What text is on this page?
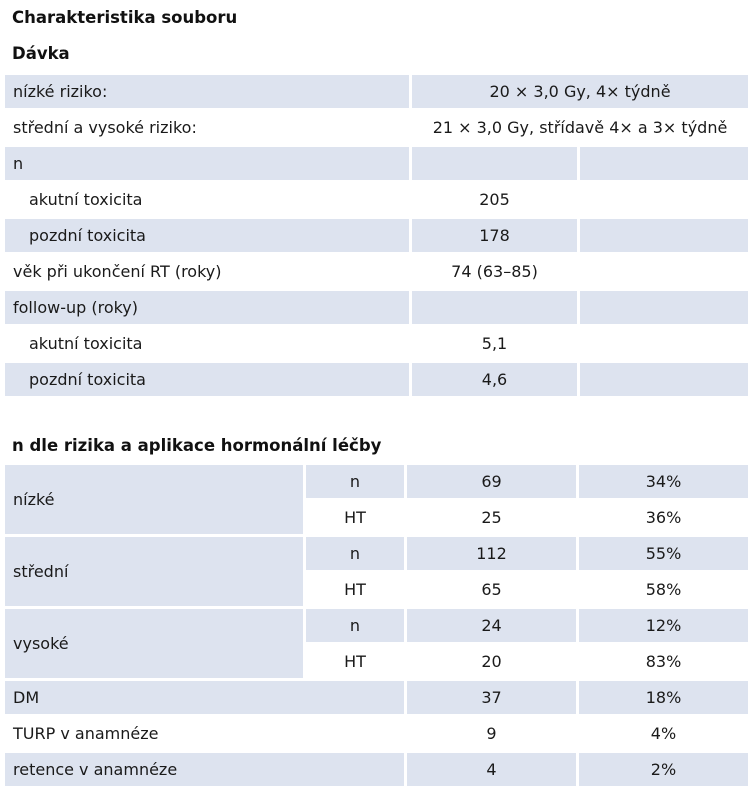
Charakteristika souboru
Dávka
nízké riziko:	20 × 3,0 Gy, 4× týdně	
střední a vysoké riziko:	21 × 3,0 Gy, střídavě 4× a 3× týdně	
n		
akutní toxicita	205	
pozdní toxicita	178	
věk při ukončení RT (roky)	74 (63–85)	
follow-up (roky)		
akutní toxicita	5,1	
pozdní toxicita	4,6	
n dle rizika a aplikace hormonální léčby
nízké	n	69	34%
	HT	25	36%
střední	n	112	55%
	HT	65	58%
vysoké	n	24	12%
	HT	20	83%
DM		37	18%
TURP v anamnéze		9	4%
retence v anamnéze		4	2%
